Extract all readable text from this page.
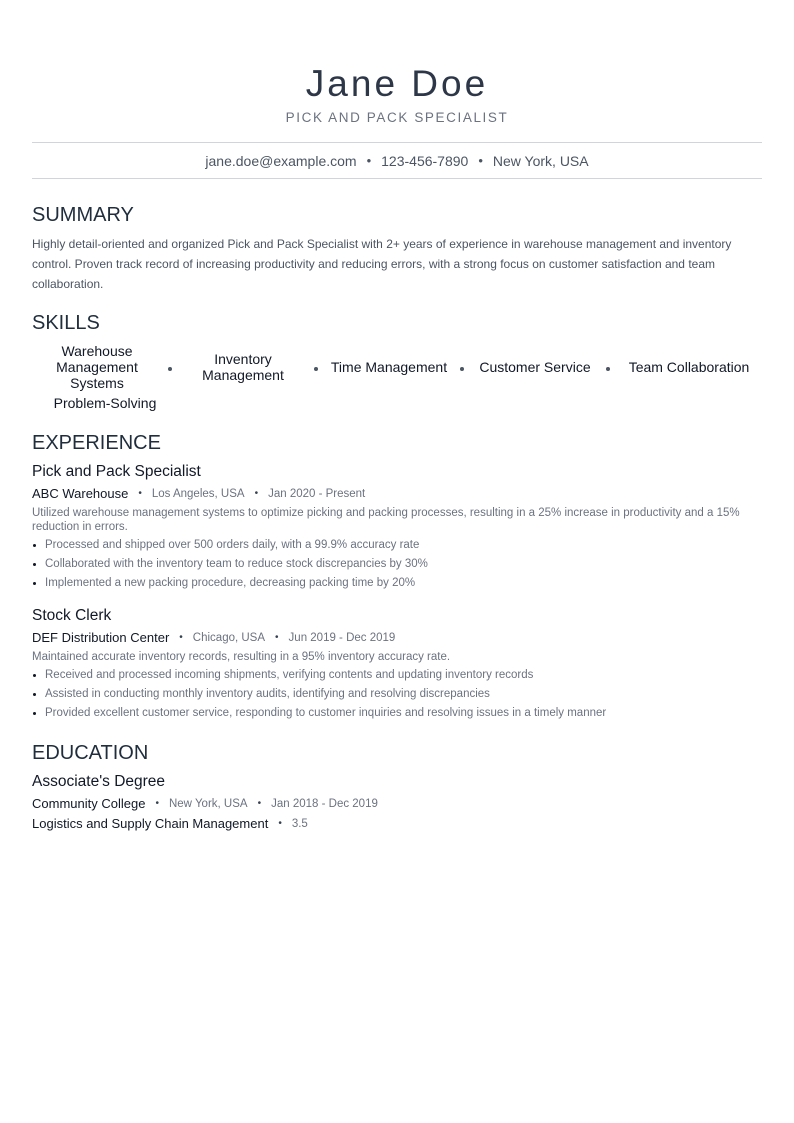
Jane Doe
PICK AND PACK SPECIALIST
jane.doe@example.com • 123-456-7890 • New York, USA
SUMMARY
Highly detail-oriented and organized Pick and Pack Specialist with 2+ years of experience in warehouse management and inventory control. Proven track record of increasing productivity and reducing errors, with a strong focus on customer satisfaction and team collaboration.
SKILLS
Warehouse Management Systems
Inventory Management	Time Management	Customer Service	Team Collaboration
Problem-Solving
EXPERIENCE
Pick and Pack Specialist
ABC Warehouse • Los Angeles, USA • Jan 2020 - Present
Utilized warehouse management systems to optimize picking and packing processes, resulting in a 25% increase in productivity and a 15% reduction in errors.
Processed and shipped over 500 orders daily, with a 99.9% accuracy rate
Collaborated with the inventory team to reduce stock discrepancies by 30%
Implemented a new packing procedure, decreasing packing time by 20%
Stock Clerk
DEF Distribution Center • Chicago, USA • Jun 2019 - Dec 2019
Maintained accurate inventory records, resulting in a 95% inventory accuracy rate.
Received and processed incoming shipments, verifying contents and updating inventory records
Assisted in conducting monthly inventory audits, identifying and resolving discrepancies
Provided excellent customer service, responding to customer inquiries and resolving issues in a timely manner
EDUCATION
Associate's Degree
Community College • New York, USA • Jan 2018 - Dec 2019
Logistics and Supply Chain Management • 3.5
